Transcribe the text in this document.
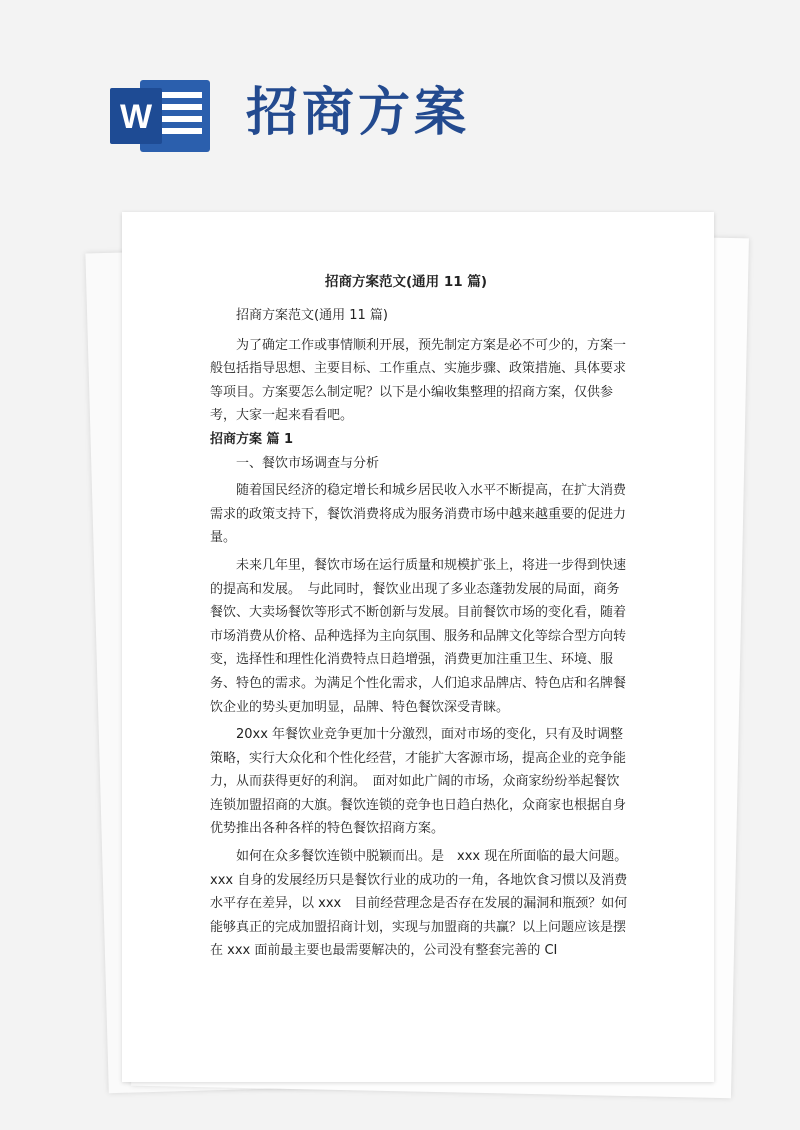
W 招商方案
招商方案范文(通用 11 篇)

招商方案范文(通用 11 篇)

为了确定工作或事情顺利开展，预先制定方案是必不可少的，方案一般包括指导思想、主要目标、工作重点、实施步骤、政策措施、具体要求等项目。方案要怎么制定呢？以下是小编收集整理的招商方案，仅供参考，大家一起来看看吧。

招商方案 篇 1

一、餐饮市场调查与分析

随着国民经济的稳定增长和城乡居民收入水平不断提高，在扩大消费需求的政策支持下，餐饮消费将成为服务消费市场中越来越重要的促进力量。

未来几年里，餐饮市场在运行质量和规模扩张上，将进一步得到快速的提高和发展。　与此同时，餐饮业出现了多业态蓬勃发展的局面，商务餐饮、大卖场餐饮等形式不断创新与发展。目前餐饮市场的变化看，随着市场消费从价格、品种选择为主向氛围、服务和品牌文化等综合型方向转变，选择性和理性化消费特点日趋增强，消费更加注重卫生、环境、服务、特色的需求。为满足个性化需求，人们追求品牌店、特色店和名牌餐饮企业的势头更加明显，品牌、特色餐饮深受青睐。

20xx 年餐饮业竞争更加十分激烈，面对市场的变化，只有及时调整策略，实行大众化和个性化经营，才能扩大客源市场，提高企业的竞争能力，从而获得更好的利润。　面对如此广阔的市场，众商家纷纷举起餐饮连锁加盟招商的大旗。餐饮连锁的竞争也日趋白热化，众商家也根据自身优势推出各种各样的特色餐饮招商方案。

如何在众多餐饮连锁中脱颖而出。是　xxx 现在所面临的最大问题。xxx 自身的发展经历只是餐饮行业的成功的一角，各地饮食习惯以及消费水平存在差异，以 xxx　目前经营理念是否存在发展的漏洞和瓶颈？如何能够真正的完成加盟招商计划，实现与加盟商的共赢？以上问题应该是摆在 xxx 面前最主要也最需要解决的，公司没有整套完善的 CI
